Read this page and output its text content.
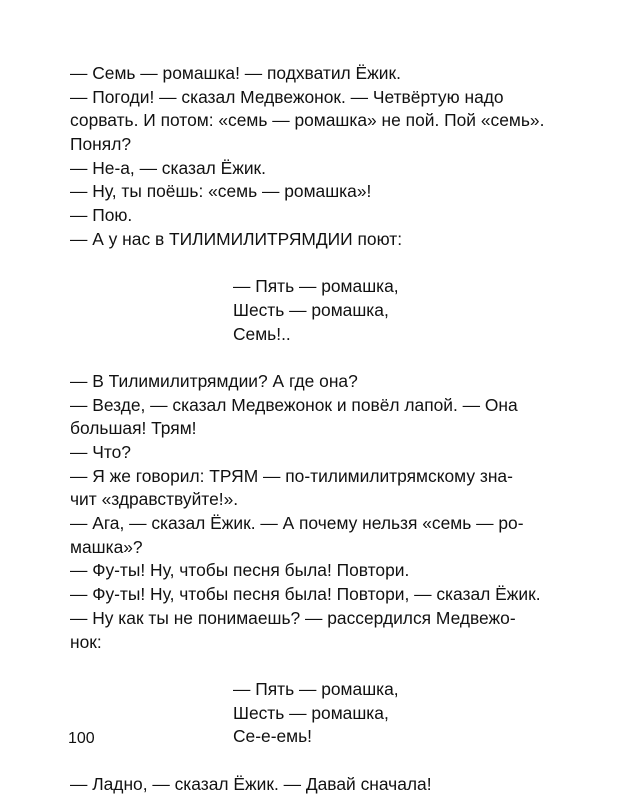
— Семь — ромашка! — подхватил Ёжик.

— Погоди! — сказал Медвежонок. — Четвёртую надо

сорвать. И потом: «семь — ромашка» не пой. Пой «семь».

Понял?

— Не-а, — сказал Ёжик.

— Ну, ты поёшь: «семь — ромашка»!

— Пою.

— А у нас в ТИЛИМИЛИТРЯМДИИ поют:

— Пять — ромашка,

Шесть — ромашка,

Семь!..

— В Тилимилитрямдии? А где она?

— Везде, — сказал Медвежонок и повёл лапой. — Она

большая! Трям!

— Что?

— Я же говорил: ТРЯМ — по-тилимилитрямскому зна-

чит «здравствуйте!».

— Ага, — сказал Ёжик. — А почему нельзя «семь — ро-

машка»?

— Фу-ты! Ну, чтобы песня была! Повтори.

— Фу-ты! Ну, чтобы песня была! Повтори, — сказал Ёжик.

— Ну как ты не понимаешь? — рассердился Медвежо-

нок:

— Пять — ромашка,

Шесть — ромашка,

Се-е-емь!

— Ладно, — сказал Ёжик. — Давай сначала!

100
